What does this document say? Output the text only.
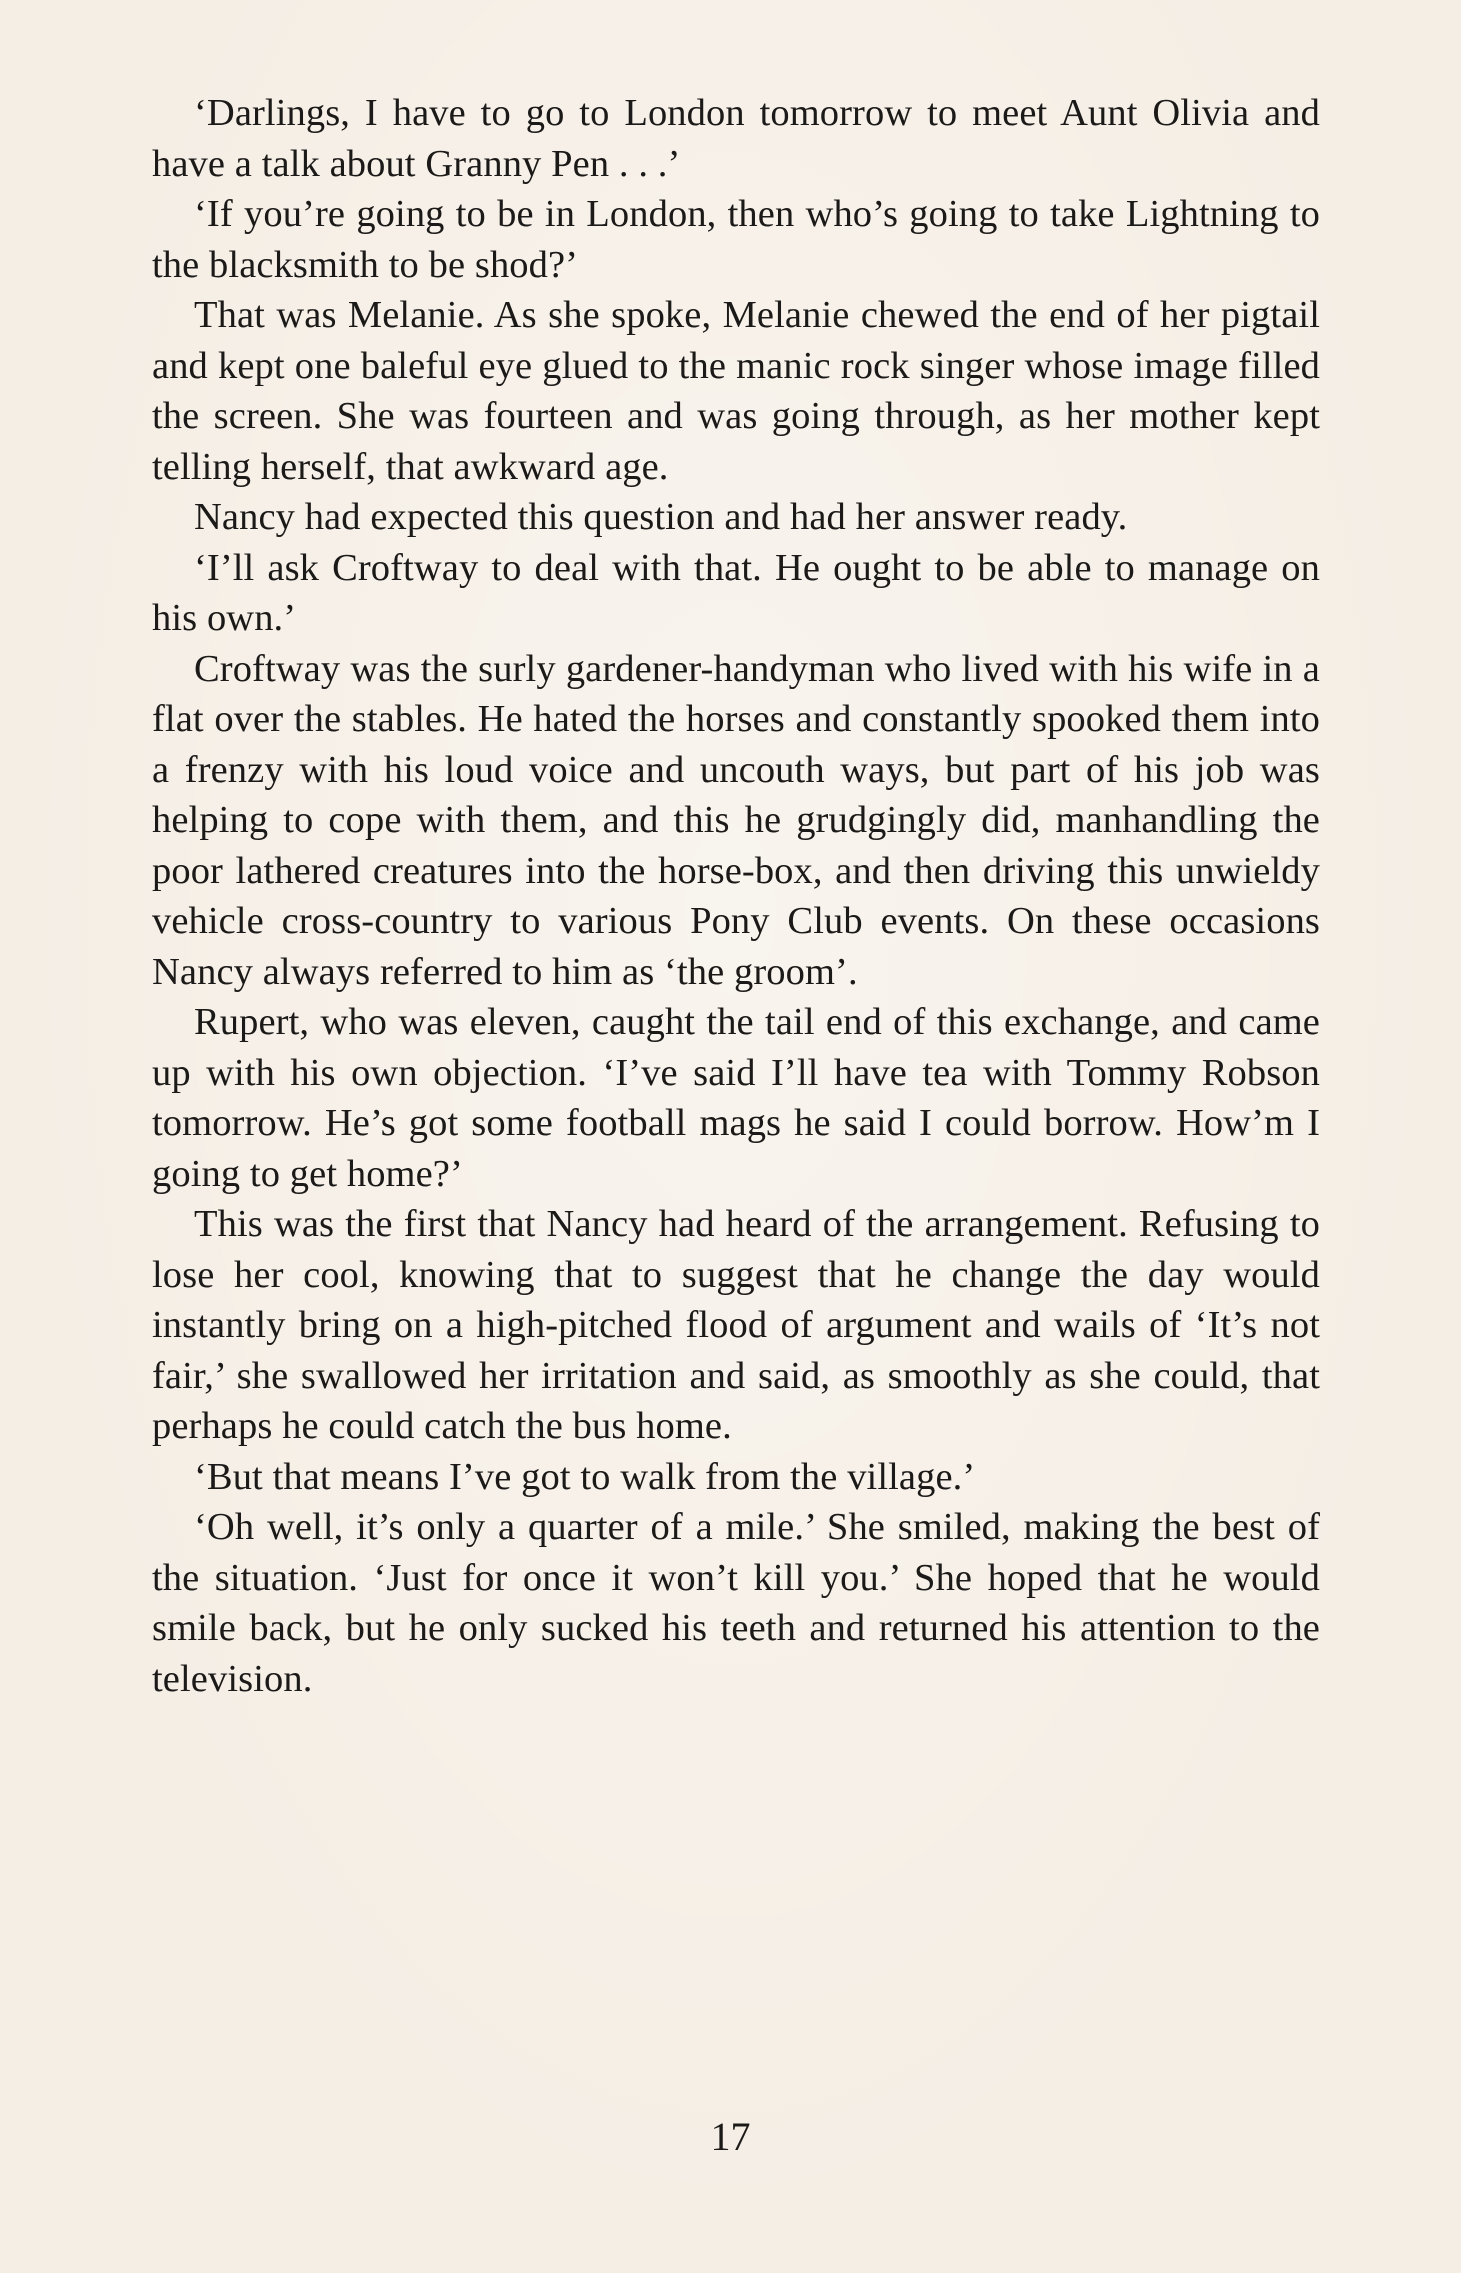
‘Darlings, I have to go to London tomorrow to meet Aunt Olivia and have a talk about Granny Pen . . .’

‘If you’re going to be in London, then who’s going to take Lightning to the blacksmith to be shod?’

That was Melanie. As she spoke, Melanie chewed the end of her pigtail and kept one baleful eye glued to the manic rock singer whose image filled the screen. She was fourteen and was going through, as her mother kept telling herself, that awkward age.

Nancy had expected this question and had her answer ready.

‘I’ll ask Croftway to deal with that. He ought to be able to manage on his own.’

Croftway was the surly gardener-handyman who lived with his wife in a flat over the stables. He hated the horses and constantly spooked them into a frenzy with his loud voice and uncouth ways, but part of his job was helping to cope with them, and this he grudgingly did, manhandling the poor lathered creatures into the horse-box, and then driving this unwieldy vehicle cross-country to various Pony Club events. On these occasions Nancy always referred to him as ‘the groom’.

Rupert, who was eleven, caught the tail end of this exchange, and came up with his own objection. ‘I’ve said I’ll have tea with Tommy Robson tomorrow. He’s got some football mags he said I could borrow. How’m I going to get home?’

This was the first that Nancy had heard of the arrangement. Refusing to lose her cool, knowing that to suggest that he change the day would instantly bring on a high-pitched flood of argument and wails of ‘It’s not fair,’ she swallowed her irritation and said, as smoothly as she could, that perhaps he could catch the bus home.

‘But that means I’ve got to walk from the village.’

‘Oh well, it’s only a quarter of a mile.’ She smiled, making the best of the situation. ‘Just for once it won’t kill you.’ She hoped that he would smile back, but he only sucked his teeth and returned his attention to the television.

17
